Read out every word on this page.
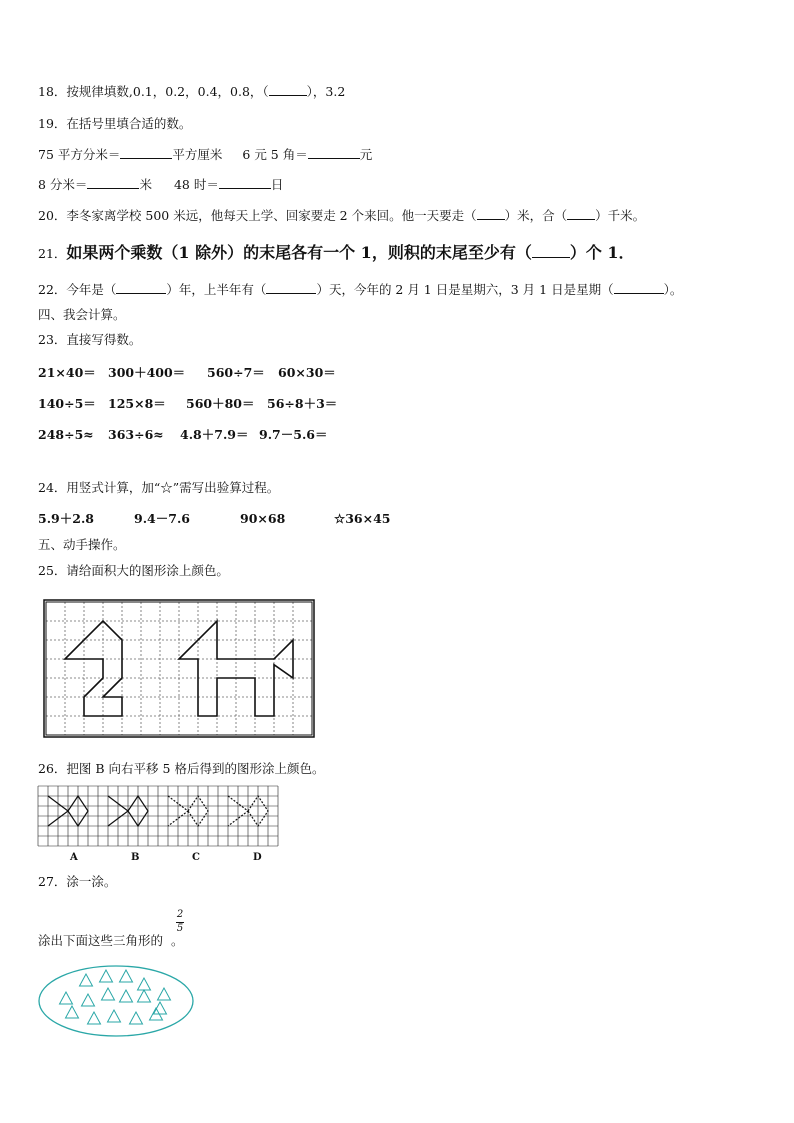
18．按规律填数,0.1，0.2，0.4，0.8，（	），3.2
19．在括号里填合适的数。
75 平方分米＝	平方厘米 6 元 5 角＝	元
8 分米＝	米 48 时＝	日
20．李冬家离学校 500 米远，他每天上学、回家要走 2 个来回。他一天要走（ ）米，合（ ）千米。
21．如果两个乘数（1 除外）的末尾各有一个 1，则积的末尾至少有（ ）个 1．
22．今年是（	）年，上半年有（	）天，今年的 2 月 1 日是星期六，3 月 1 日是星期（	）。
四、我会计算。
23．直接写得数。
21×40＝ 300＋400＝ 560÷7＝ 60×30＝
140÷5＝ 125×8＝ 560＋80＝ 56÷8＋3＝
248÷5≈ 363÷6≈ 4.8＋7.9＝ 9.7－5.6＝
24．用竖式计算，加“☆”需写出验算过程。
5.9＋2.8	9.4－7.6	90×68	☆36×45
五、动手操作。
25．请给面积大的图形涂上颜色。
26．把图 B 向右平移 5 格后得到的图形涂上颜色。
A	B	C	D
27．涂一涂。
涂出下面这些三角形的 。
2
5
